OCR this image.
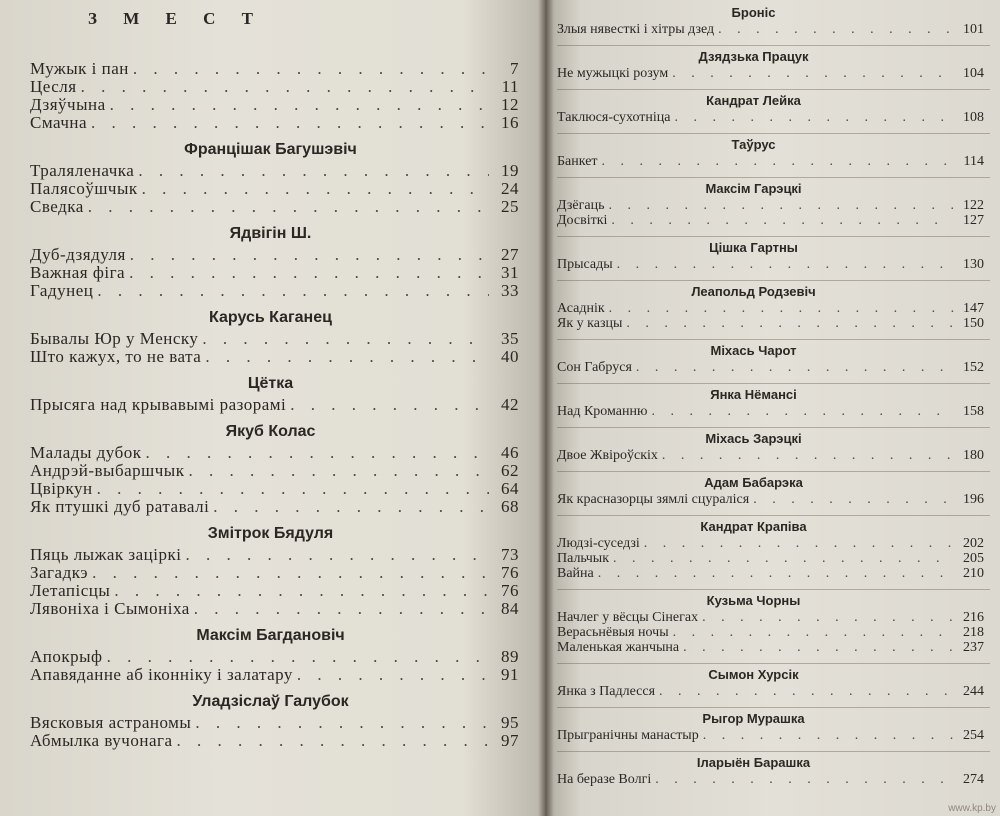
З М Е С Т
Мужык і пан . . .	7
Цесля . . .	11
Дзяўчына . . .	12
Смачна . . .	16
Францішак Багушэвіч
Траляленачка . . .	19
Палясоўшчык . . .	24
Сведка . . .	25
Ядвігін Ш.
Дуб-дзядуля . . .	27
Важная фіга . . .	31
Гадунец . . .	33
Карусь Каганец
Бывалы Юр у Менску . . .	35
Што кажух, то не вата . . .	40
Цётка
Прысяга над крывавымі разорамі . . .	42
Якуб Колас
Малады дубок . . .	46
Андрэй-выбаршчык . . .	62
Цвіркун . . .	64
Як птушкі дуб ратавалі . . .	68
Змітрок Бядуля
Пяць лыжак заціркі . . .	73
Загадкэ . . .	76
Летапісцы . . .	76
Лявоніха і Сымоніха . . .	84
Максім Багдановіч
Апокрыф . . .	89
Апавяданне аб іконніку і залатару . . .	91
Уладзіслаў Галубок
Вясковыя астраномы . . .	95
Абмылка вучонага . . .	97
Броніс
Злыя нявесткі і хітры дзед . . .	101
Дзядзька Працук
Не мужыцкі розум . . .	104
Кандрат Лейка
Таклюся-сухотніца . . .	108
Таўрус
Банкет . . .	114
Максім Гарэцкі
Дзёгаць . . .	122
Досвіткі . . .	127
Цішка Гартны
Прысады . . .	130
Леапольд Родзевіч
Асаднік . . .	147
Як у казцы . . .	150
Міхась Чарот
Сон Габруся . . .	152
Янка Нёмансі
Над Кроманню . . .	158
Міхась Зарэцкі
Двое Жвіроўскіх . . .	180
Адам Бабарэка
Як красназорцы зямлі сцураліся . . .	196
Кандрат Крапіва
Людзі-суседзі . . .	202
Пальчык . . .	205
Вайна . . .	210
Кузьма Чорны
Начлег у вёсцы Сінегах . . .	216
Верасьнёвыя ночы . . .	218
Маленькая жанчына . . .	237
Сымон Хурсік
Янка з Падлесся . . .	244
Рыгор Мурашка
Прыгранічны манастыр . . .	254
Іларыён Барашка
На беразе Волгі . . .	274
www.kp.by
